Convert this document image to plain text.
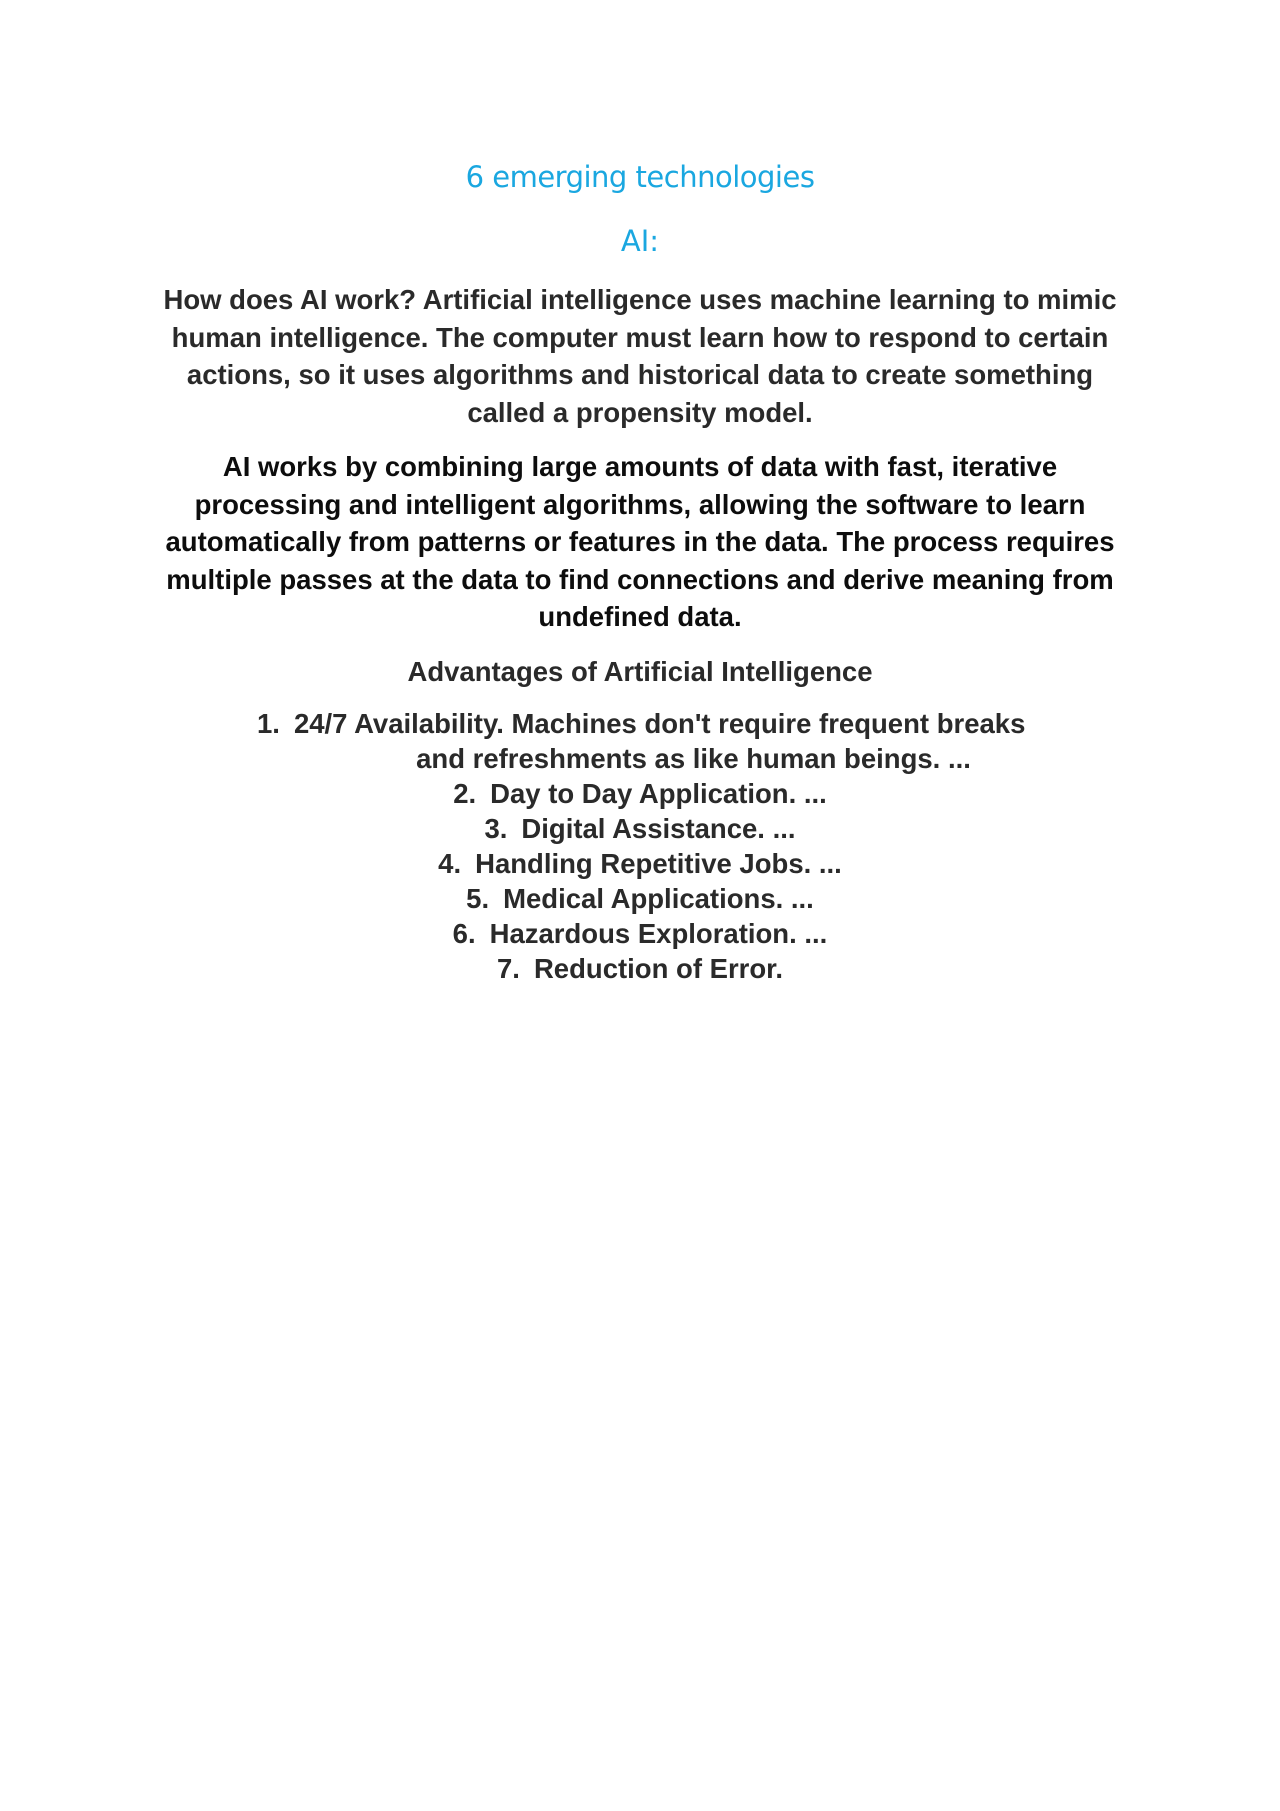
6 emerging technologies
AI:

How does AI work? Artificial intelligence uses machine learning to mimic human intelligence. The computer must learn how to respond to certain actions, so it uses algorithms and historical data to create something called a propensity model.

AI works by combining large amounts of data with fast, iterative processing and intelligent algorithms, allowing the software to learn automatically from patterns or features in the data. The process requires multiple passes at the data to find connections and derive meaning from undefined data.

Advantages of Artificial Intelligence
1. 24/7 Availability. Machines don't require frequent breaks
and refreshments as like human beings. ...
2. Day to Day Application. ...
3. Digital Assistance. ...
4. Handling Repetitive Jobs. ...
5. Medical Applications. ...
6. Hazardous Exploration. ...
7. Reduction of Error.
